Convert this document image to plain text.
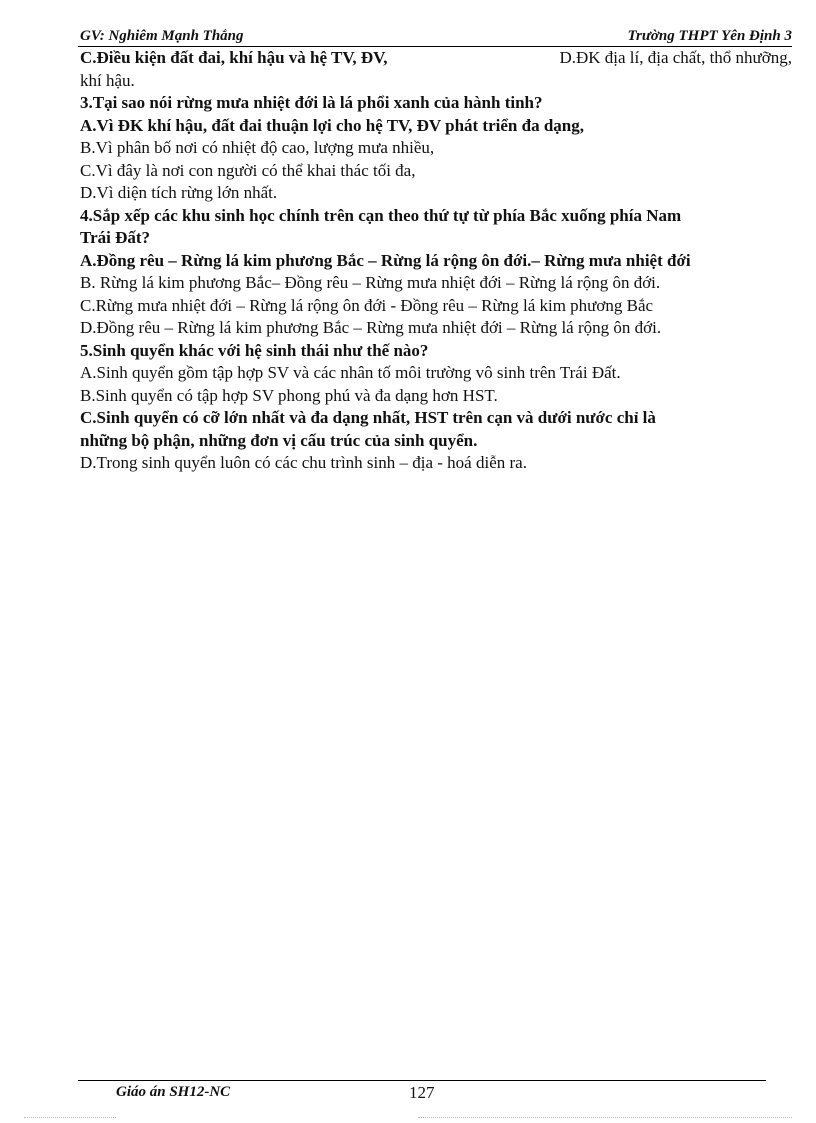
GV: Nghiêm Mạnh Thắng	Trường THPT Yên Định 3
C.Điều kiện đất đai, khí hậu và hệ TV, ĐV,	D.ĐK địa lí, địa chất, thổ nhưỡng,
khí hậu.
3.Tại sao nói rừng mưa nhiệt đới là lá phổi xanh của hành tinh?
A.Vì ĐK khí hậu, đất đai thuận lợi cho hệ TV, ĐV phát triển đa dạng,
B.Vì phân bố nơi có nhiệt độ cao, lượng mưa nhiều,
C.Vì đây là nơi con người có thể khai thác tối đa,
D.Vì diện tích rừng lớn nhất.
4.Sắp xếp các khu sinh học chính trên cạn theo thứ tự từ phía Bắc xuống phía Nam
Trái Đất?
A.Đồng rêu – Rừng lá kim phương Bắc – Rừng lá rộng ôn đới.– Rừng mưa nhiệt đới
B. Rừng lá kim phương Bắc– Đồng rêu – Rừng mưa nhiệt đới – Rừng lá rộng ôn đới.
C.Rừng mưa nhiệt đới – Rừng lá rộng ôn đới - Đồng rêu – Rừng lá kim phương Bắc
D.Đồng rêu – Rừng lá kim phương Bắc – Rừng mưa nhiệt đới – Rừng lá rộng ôn đới.
5.Sinh quyển khác với hệ sinh thái như thế nào?
A.Sinh quyển gồm tập hợp SV và các nhân tố môi trường vô sinh trên Trái Đất.
B.Sinh quyển có tập hợp SV phong phú và đa dạng hơn HST.
C.Sinh quyển có cỡ lớn nhất và đa dạng nhất, HST trên cạn và dưới nước chỉ là
những bộ phận, những đơn vị cấu trúc của sinh quyển.
D.Trong sinh quyển luôn có các chu trình sinh – địa - hoá diễn ra.
Giáo án SH12-NC	127
